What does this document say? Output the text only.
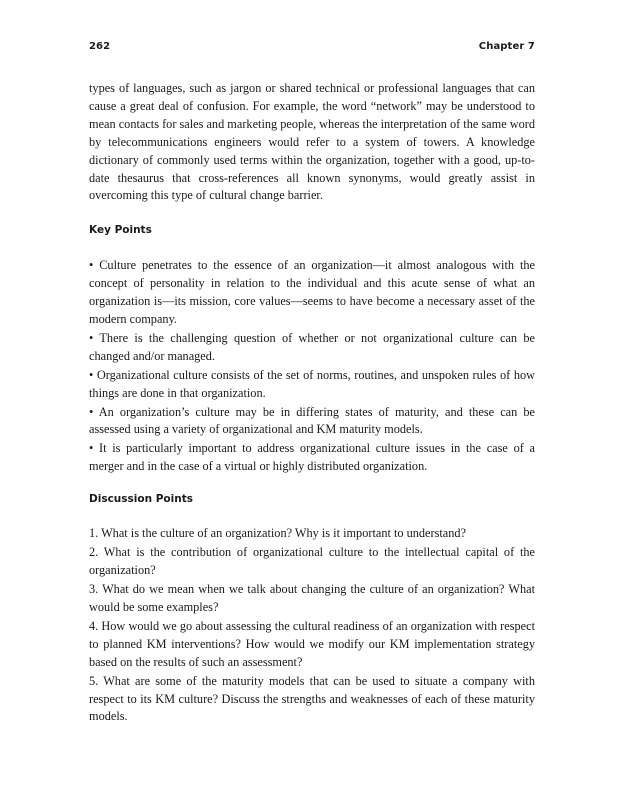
262	Chapter 7

types of languages, such as jargon or shared technical or professional languages that can cause a great deal of confusion. For example, the word “network” may be understood to mean contacts for sales and marketing people, whereas the interpretation of the same word by telecommunications engineers would refer to a system of towers. A knowledge dictionary of commonly used terms within the organization, together with a good, up-to-date thesaurus that cross-references all known synonyms, would greatly assist in overcoming this type of cultural change barrier.

Key Points
• Culture penetrates to the essence of an organization—it almost analogous with the concept of personality in relation to the individual and this acute sense of what an organization is—its mission, core values—seems to have become a necessary asset of the modern company.
• There is the challenging question of whether or not organizational culture can be changed and/or managed.
• Organizational culture consists of the set of norms, routines, and unspoken rules of how things are done in that organization.
• An organization’s culture may be in differing states of maturity, and these can be assessed using a variety of organizational and KM maturity models.
• It is particularly important to address organizational culture issues in the case of a merger and in the case of a virtual or highly distributed organization.
Discussion Points
1. What is the culture of an organization? Why is it important to understand?
2. What is the contribution of organizational culture to the intellectual capital of the organization?
3. What do we mean when we talk about changing the culture of an organization? What would be some examples?
4. How would we go about assessing the cultural readiness of an organization with respect to planned KM interventions? How would we modify our KM implementation strategy based on the results of such an assessment?
5. What are some of the maturity models that can be used to situate a company with respect to its KM culture? Discuss the strengths and weaknesses of each of these maturity models.
